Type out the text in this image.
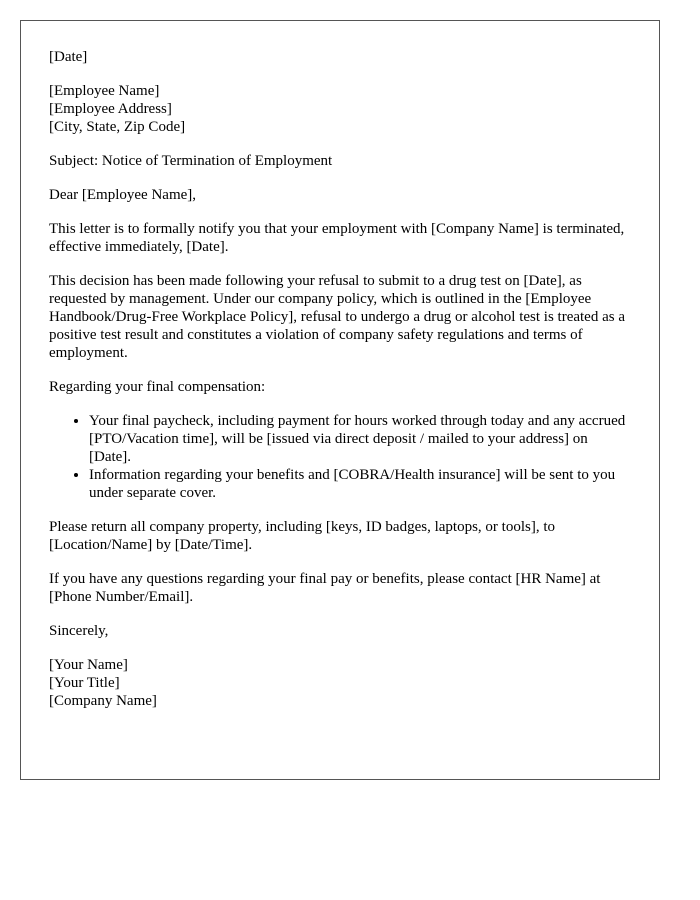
[Date]

[Employee Name]
[Employee Address]
[City, State, Zip Code]

Subject: Notice of Termination of Employment

Dear [Employee Name],

This letter is to formally notify you that your employment with [Company Name] is terminated, effective immediately, [Date].

This decision has been made following your refusal to submit to a drug test on [Date], as requested by management. Under our company policy, which is outlined in the [Employee Handbook/Drug-Free Workplace Policy], refusal to undergo a drug or alcohol test is treated as a positive test result and constitutes a violation of company safety regulations and terms of employment.

Regarding your final compensation:

• Your final paycheck, including payment for hours worked through today and any accrued [PTO/Vacation time], will be [issued via direct deposit / mailed to your address] on [Date].
• Information regarding your benefits and [COBRA/Health insurance] will be sent to you under separate cover.

Please return all company property, including [keys, ID badges, laptops, or tools], to [Location/Name] by [Date/Time].

If you have any questions regarding your final pay or benefits, please contact [HR Name] at [Phone Number/Email].

Sincerely,

[Your Name]
[Your Title]
[Company Name]
